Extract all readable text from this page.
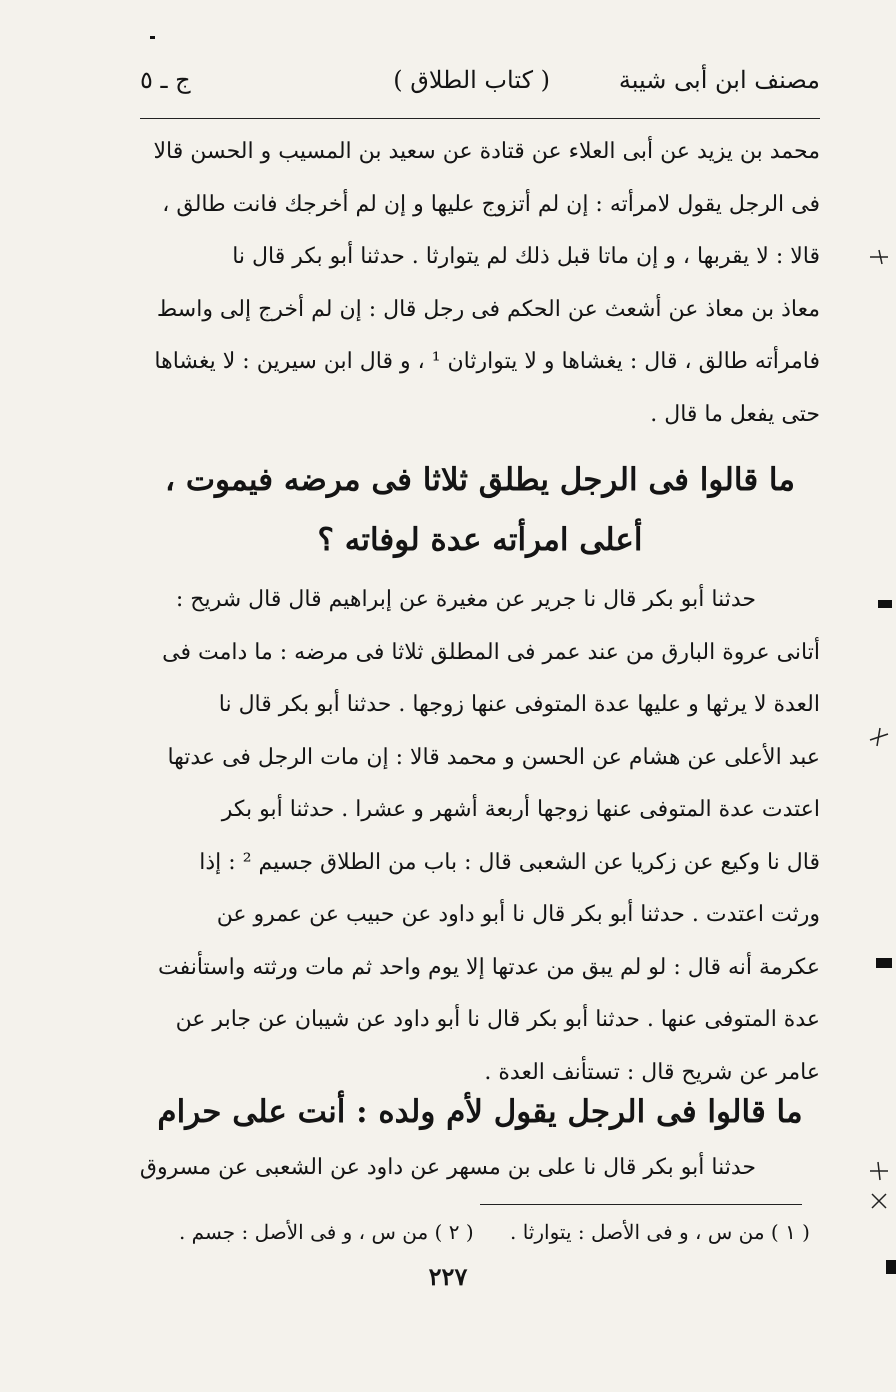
مصنف ابن أبى شيبة
( كتاب الطلاق )
ج ـ ٥
محمد بن يزيد عن أبى العلاء عن قتادة عن سعيد بن المسيب و الحسن قالا
فى الرجل يقول لامرأته : إن لم أتزوج عليها و إن لم أخرجك فانت طالق ،
قالا : لا يقربها ، و إن ماتا قبل ذلك لم يتوارثا . حدثنا أبو بكر قال نا
معاذ بن معاذ عن أشعث عن الحكم فى رجل قال : إن لم أخرج إلى واسط
فامرأته طالق ، قال : يغشاها و لا يتوارثان ¹ ، و قال ابن سيرين : لا يغشاها
حتى يفعل ما قال .
ما قالوا فى الرجل يطلق ثلاثا فى مرضه فيموت ،
أعلى امرأته عدة لوفاته ؟
حدثنا أبو بكر قال نا جرير عن مغيرة عن إبراهيم قال قال شريح :
أتانى عروة البارق من عند عمر فى المطلق ثلاثا فى مرضه : ما دامت فى
العدة لا يرثها و عليها عدة المتوفى عنها زوجها . حدثنا أبو بكر قال نا
عبد الأعلى عن هشام عن الحسن و محمد قالا : إن مات الرجل فى عدتها
اعتدت عدة المتوفى عنها زوجها أربعة أشهر و عشرا . حدثنا أبو بكر
قال نا وكيع عن زكريا عن الشعبى قال : باب من الطلاق جسيم ² : إذا
ورثت اعتدت . حدثنا أبو بكر قال نا أبو داود عن حبيب عن عمرو عن
عكرمة أنه قال : لو لم يبق من عدتها إلا يوم واحد ثم مات ورثته واستأنفت
عدة المتوفى عنها . حدثنا أبو بكر قال نا أبو داود عن شيبان عن جابر عن
عامر عن شريح قال : تستأنف العدة .
ما قالوا فى الرجل يقول لأم ولده : أنت على حرام
حدثنا أبو بكر قال نا على بن مسهر عن داود عن الشعبى عن مسروق
( ١ ) من س ، و فى الأصل : يتوارثا . ( ٢ ) من س ، و فى الأصل : جسم .
٢٢٧
